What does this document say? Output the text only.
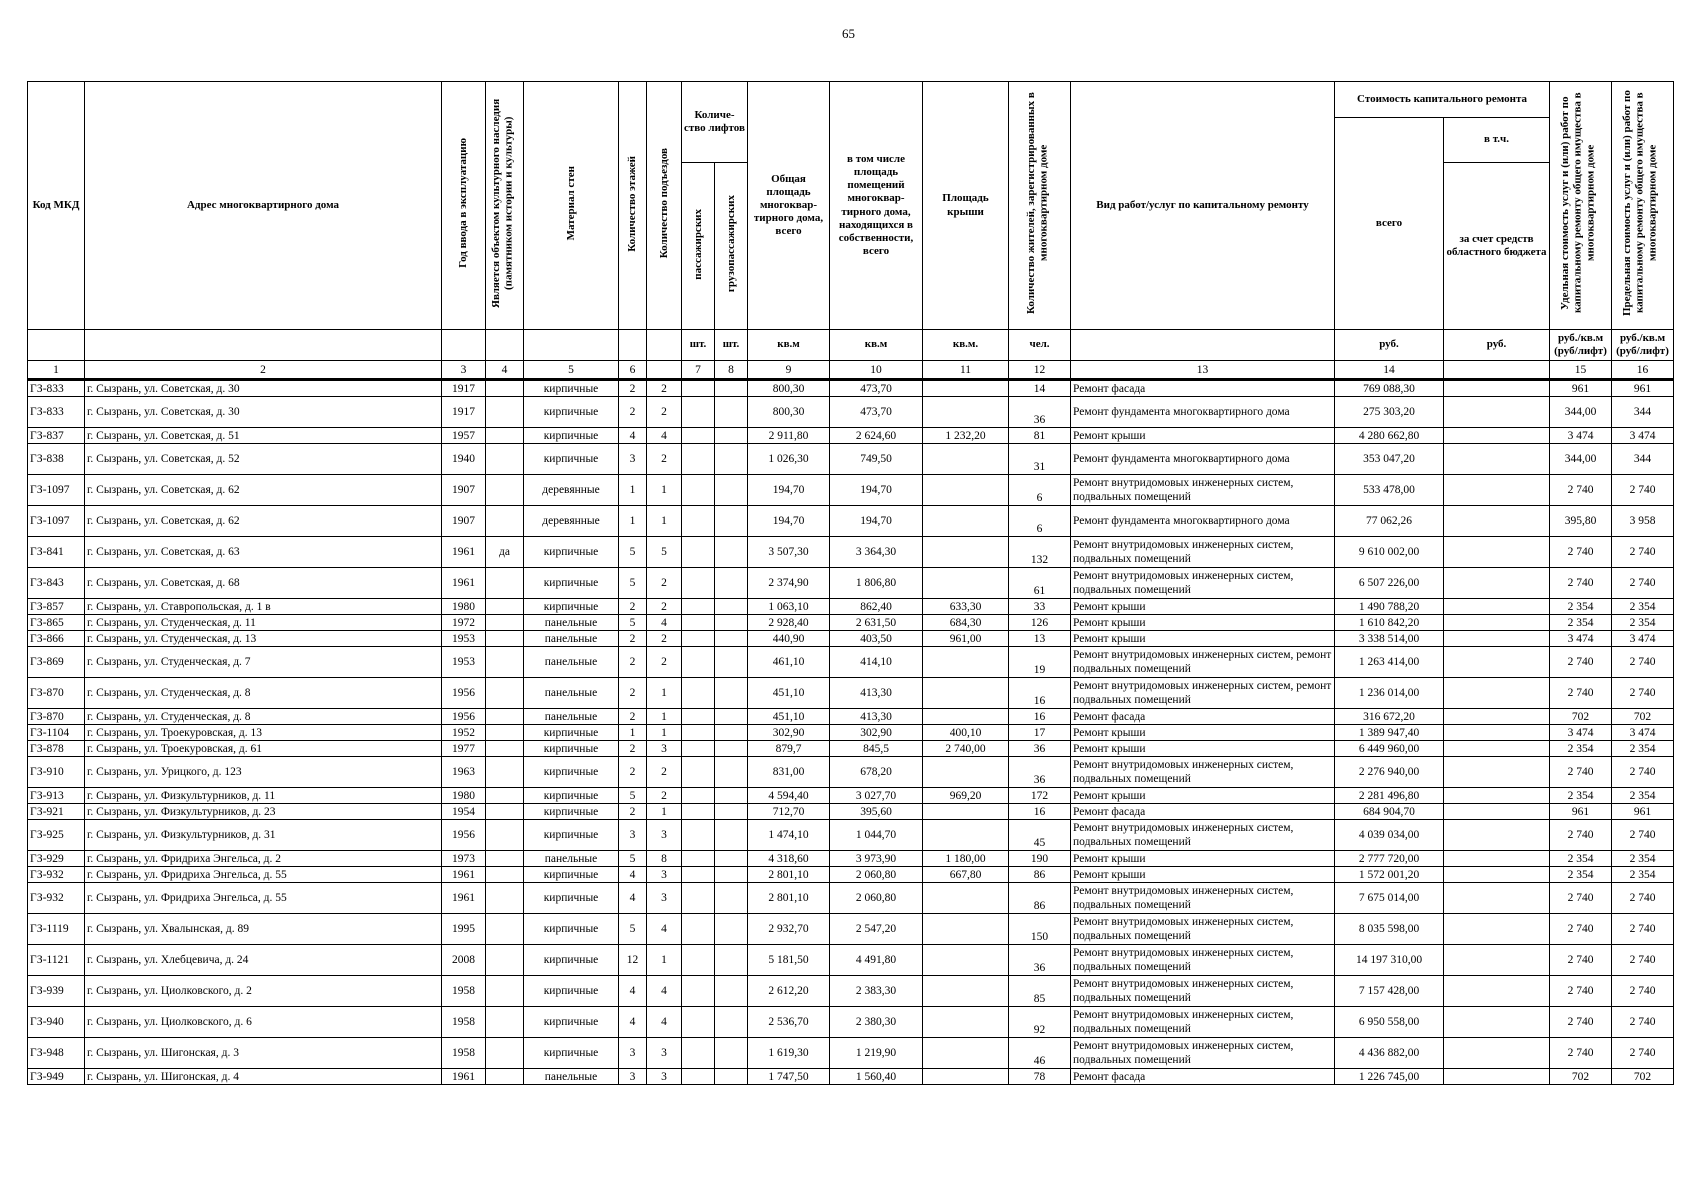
65
Код МКД	Адрес многоквартирного дома	Год ввода в эксплуатацию	Является объектом культурного наследия (памятником истории и культуры)	Материал стен	Количество этажей	Количество подъездов	Количе- ство лифтов		Общая площадь многоквар- тирного дома, всего	в том числе площадь помещений многоквар- тирного дома, находящихся в собственности, всего	Площадь крыши	Количество жителей, зарегистрированных в многоквартирном доме	Вид работ/услуг по капитальному ремонту	Стоимость капитального ремонта		Удельная стоимость услуг и (или) работ по капитальному ремонту общего имущества в многоквартирном доме	Предельная стоимость услуг и (или) работ по капитальному ремонту общего имущества в многоквартирном доме
														всего	в т.ч.		
							пассажирских	грузопассажирских							за счет средств областного бюджета		
							шт.	шт.	кв.м	кв.м	кв.м.	чел.		руб.	руб.	руб./кв.м (руб/лифт)	руб./кв.м (руб/лифт)
1	2	3	4	5	6		7	8	9	10	11	12	13	14		15	16
ГЗ-833	г. Сызрань, ул. Советская, д. 30	1917		кирпичные	2	2			800,30	473,70		14	Ремонт фасада	769 088,30		961	961
ГЗ-833	г. Сызрань, ул. Советская, д. 30	1917		кирпичные	2	2			800,30	473,70		36	Ремонт фундамента многоквартирного дома	275 303,20		344,00	344
ГЗ-837	г. Сызрань, ул. Советская, д. 51	1957		кирпичные	4	4			2 911,80	2 624,60	1 232,20	81	Ремонт крыши	4 280 662,80		3 474	3 474
ГЗ-838	г. Сызрань, ул. Советская, д. 52	1940		кирпичные	3	2			1 026,30	749,50		31	Ремонт фундамента многоквартирного дома	353 047,20		344,00	344
ГЗ-1097	г. Сызрань, ул. Советская, д. 62	1907		деревянные	1	1			194,70	194,70		6	Ремонт внутридомовых инженерных систем, подвальных помещений	533 478,00		2 740	2 740
ГЗ-1097	г. Сызрань, ул. Советская, д. 62	1907		деревянные	1	1			194,70	194,70		6	Ремонт фундамента многоквартирного дома	77 062,26		395,80	3 958
ГЗ-841	г. Сызрань, ул. Советская, д. 63	1961	да	кирпичные	5	5			3 507,30	3 364,30		132	Ремонт внутридомовых инженерных систем, подвальных помещений	9 610 002,00		2 740	2 740
ГЗ-843	г. Сызрань, ул. Советская, д. 68	1961		кирпичные	5	2			2 374,90	1 806,80		61	Ремонт внутридомовых инженерных систем, подвальных помещений	6 507 226,00		2 740	2 740
ГЗ-857	г. Сызрань, ул. Ставропольская, д. 1 в	1980		кирпичные	2	2			1 063,10	862,40	633,30	33	Ремонт крыши	1 490 788,20		2 354	2 354
ГЗ-865	г. Сызрань, ул. Студенческая, д. 11	1972		панельные	5	4			2 928,40	2 631,50	684,30	126	Ремонт крыши	1 610 842,20		2 354	2 354
ГЗ-866	г. Сызрань, ул. Студенческая, д. 13	1953		панельные	2	2			440,90	403,50	961,00	13	Ремонт крыши	3 338 514,00		3 474	3 474
ГЗ-869	г. Сызрань, ул. Студенческая, д. 7	1953		панельные	2	2			461,10	414,10		19	Ремонт внутридомовых инженерных систем, ремонт подвальных помещений	1 263 414,00		2 740	2 740
ГЗ-870	г. Сызрань, ул. Студенческая, д. 8	1956		панельные	2	1			451,10	413,30		16	Ремонт внутридомовых инженерных систем, ремонт подвальных помещений	1 236 014,00		2 740	2 740
ГЗ-870	г. Сызрань, ул. Студенческая, д. 8	1956		панельные	2	1			451,10	413,30		16	Ремонт фасада	316 672,20		702	702
ГЗ-1104	г. Сызрань, ул. Троекуровская, д. 13	1952		кирпичные	1	1			302,90	302,90	400,10	17	Ремонт крыши	1 389 947,40		3 474	3 474
ГЗ-878	г. Сызрань, ул. Троекуровская, д. 61	1977		кирпичные	2	3			879,7	845,5	2 740,00	36	Ремонт крыши	6 449 960,00		2 354	2 354
ГЗ-910	г. Сызрань, ул. Урицкого, д. 123	1963		кирпичные	2	2			831,00	678,20		36	Ремонт внутридомовых инженерных систем, подвальных помещений	2 276 940,00		2 740	2 740
ГЗ-913	г. Сызрань, ул. Физкультурников, д. 11	1980		кирпичные	5	2			4 594,40	3 027,70	969,20	172	Ремонт крыши	2 281 496,80		2 354	2 354
ГЗ-921	г. Сызрань, ул. Физкультурников, д. 23	1954		кирпичные	2	1			712,70	395,60		16	Ремонт фасада	684 904,70		961	961
ГЗ-925	г. Сызрань, ул. Физкультурников, д. 31	1956		кирпичные	3	3			1 474,10	1 044,70		45	Ремонт внутридомовых инженерных систем, подвальных помещений	4 039 034,00		2 740	2 740
ГЗ-929	г. Сызрань, ул. Фридриха Энгельса, д. 2	1973		панельные	5	8			4 318,60	3 973,90	1 180,00	190	Ремонт крыши	2 777 720,00		2 354	2 354
ГЗ-932	г. Сызрань, ул. Фридриха Энгельса, д. 55	1961		кирпичные	4	3			2 801,10	2 060,80	667,80	86	Ремонт крыши	1 572 001,20		2 354	2 354
ГЗ-932	г. Сызрань, ул. Фридриха Энгельса, д. 55	1961		кирпичные	4	3			2 801,10	2 060,80		86	Ремонт внутридомовых инженерных систем, подвальных помещений	7 675 014,00		2 740	2 740
ГЗ-1119	г. Сызрань, ул. Хвалынская, д. 89	1995		кирпичные	5	4			2 932,70	2 547,20		150	Ремонт внутридомовых инженерных систем, подвальных помещений	8 035 598,00		2 740	2 740
ГЗ-1121	г. Сызрань, ул. Хлебцевича, д. 24	2008		кирпичные	12	1			5 181,50	4 491,80		36	Ремонт внутридомовых инженерных систем, подвальных помещений	14 197 310,00		2 740	2 740
ГЗ-939	г. Сызрань, ул. Циолковского, д. 2	1958		кирпичные	4	4			2 612,20	2 383,30		85	Ремонт внутридомовых инженерных систем, подвальных помещений	7 157 428,00		2 740	2 740
ГЗ-940	г. Сызрань, ул. Циолковского, д. 6	1958		кирпичные	4	4			2 536,70	2 380,30		92	Ремонт внутридомовых инженерных систем, подвальных помещений	6 950 558,00		2 740	2 740
ГЗ-948	г. Сызрань, ул. Шигонская, д. 3	1958		кирпичные	3	3			1 619,30	1 219,90		46	Ремонт внутридомовых инженерных систем, подвальных помещений	4 436 882,00		2 740	2 740
ГЗ-949	г. Сызрань, ул. Шигонская, д. 4	1961		панельные	3	3			1 747,50	1 560,40		78	Ремонт фасада	1 226 745,00		702	702
